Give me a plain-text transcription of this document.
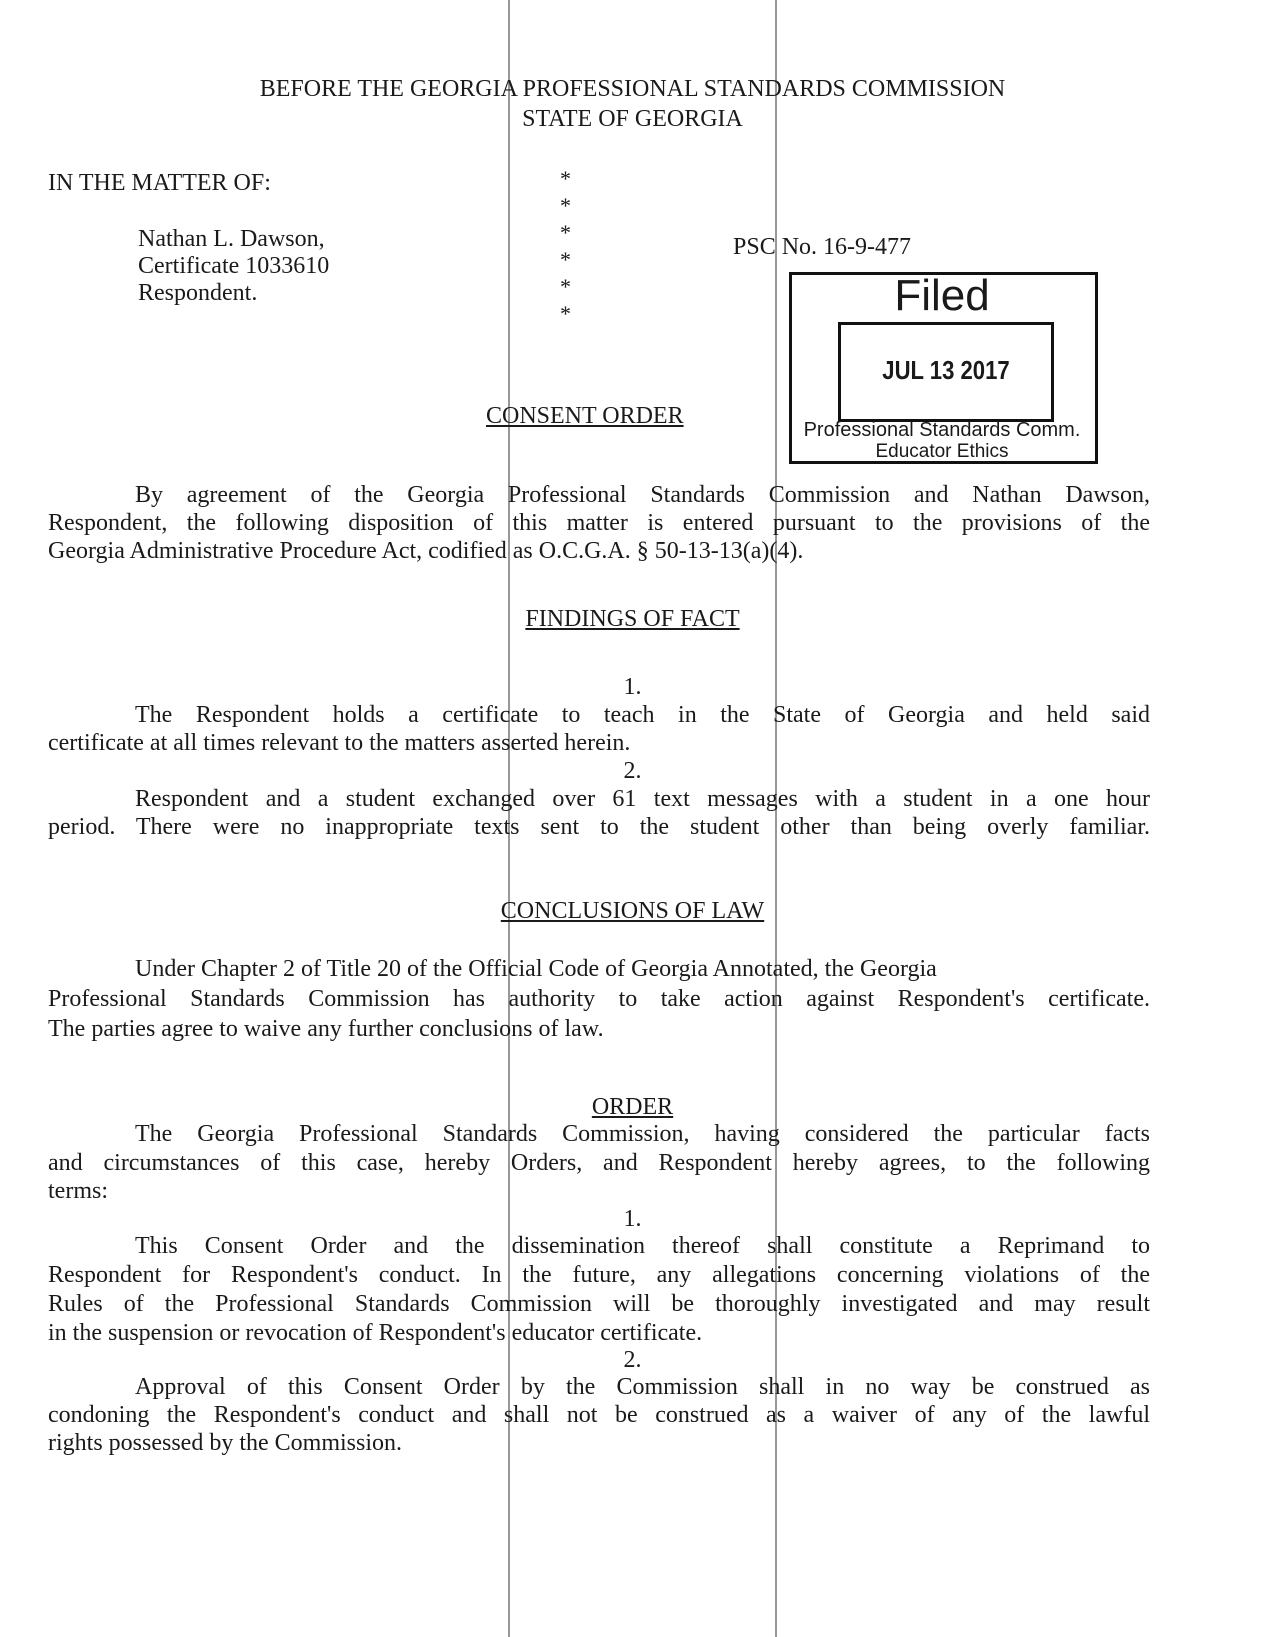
BEFORE THE GEORGIA PROFESSIONAL STANDARDS COMMISSION
STATE OF GEORGIA
IN THE MATTER OF:
Nathan L. Dawson,
Certificate 1033610
Respondent.
*
*
*
*
*
*
PSC No. 16-9-477
Filed
JUL 13 2017
Professional Standards Comm.
Educator Ethics
CONSENT ORDER
By agreement of the Georgia Professional Standards Commission and Nathan Dawson,
Respondent, the following disposition of this matter is entered pursuant to the provisions of the
Georgia Administrative Procedure Act, codified as O.C.G.A. § 50-13-13(a)(4).
FINDINGS OF FACT
1.
The Respondent holds a certificate to teach in the State of Georgia and held said
certificate at all times relevant to the matters asserted herein.
2.
Respondent and a student exchanged over 61 text messages with a student in a one hour
period. There were no inappropriate texts sent to the student other than being overly familiar.
CONCLUSIONS OF LAW
Under Chapter 2 of Title 20 of the Official Code of Georgia Annotated, the Georgia
Professional Standards Commission has authority to take action against Respondent's certificate.
The parties agree to waive any further conclusions of law.
ORDER
The Georgia Professional Standards Commission, having considered the particular facts
and circumstances of this case, hereby Orders, and Respondent hereby agrees, to the following
terms:
1.
This Consent Order and the dissemination thereof shall constitute a Reprimand to
Respondent for Respondent's conduct. In the future, any allegations concerning violations of the
Rules of the Professional Standards Commission will be thoroughly investigated and may result
in the suspension or revocation of Respondent's educator certificate.
2.
Approval of this Consent Order by the Commission shall in no way be construed as
condoning the Respondent's conduct and shall not be construed as a waiver of any of the lawful
rights possessed by the Commission.
